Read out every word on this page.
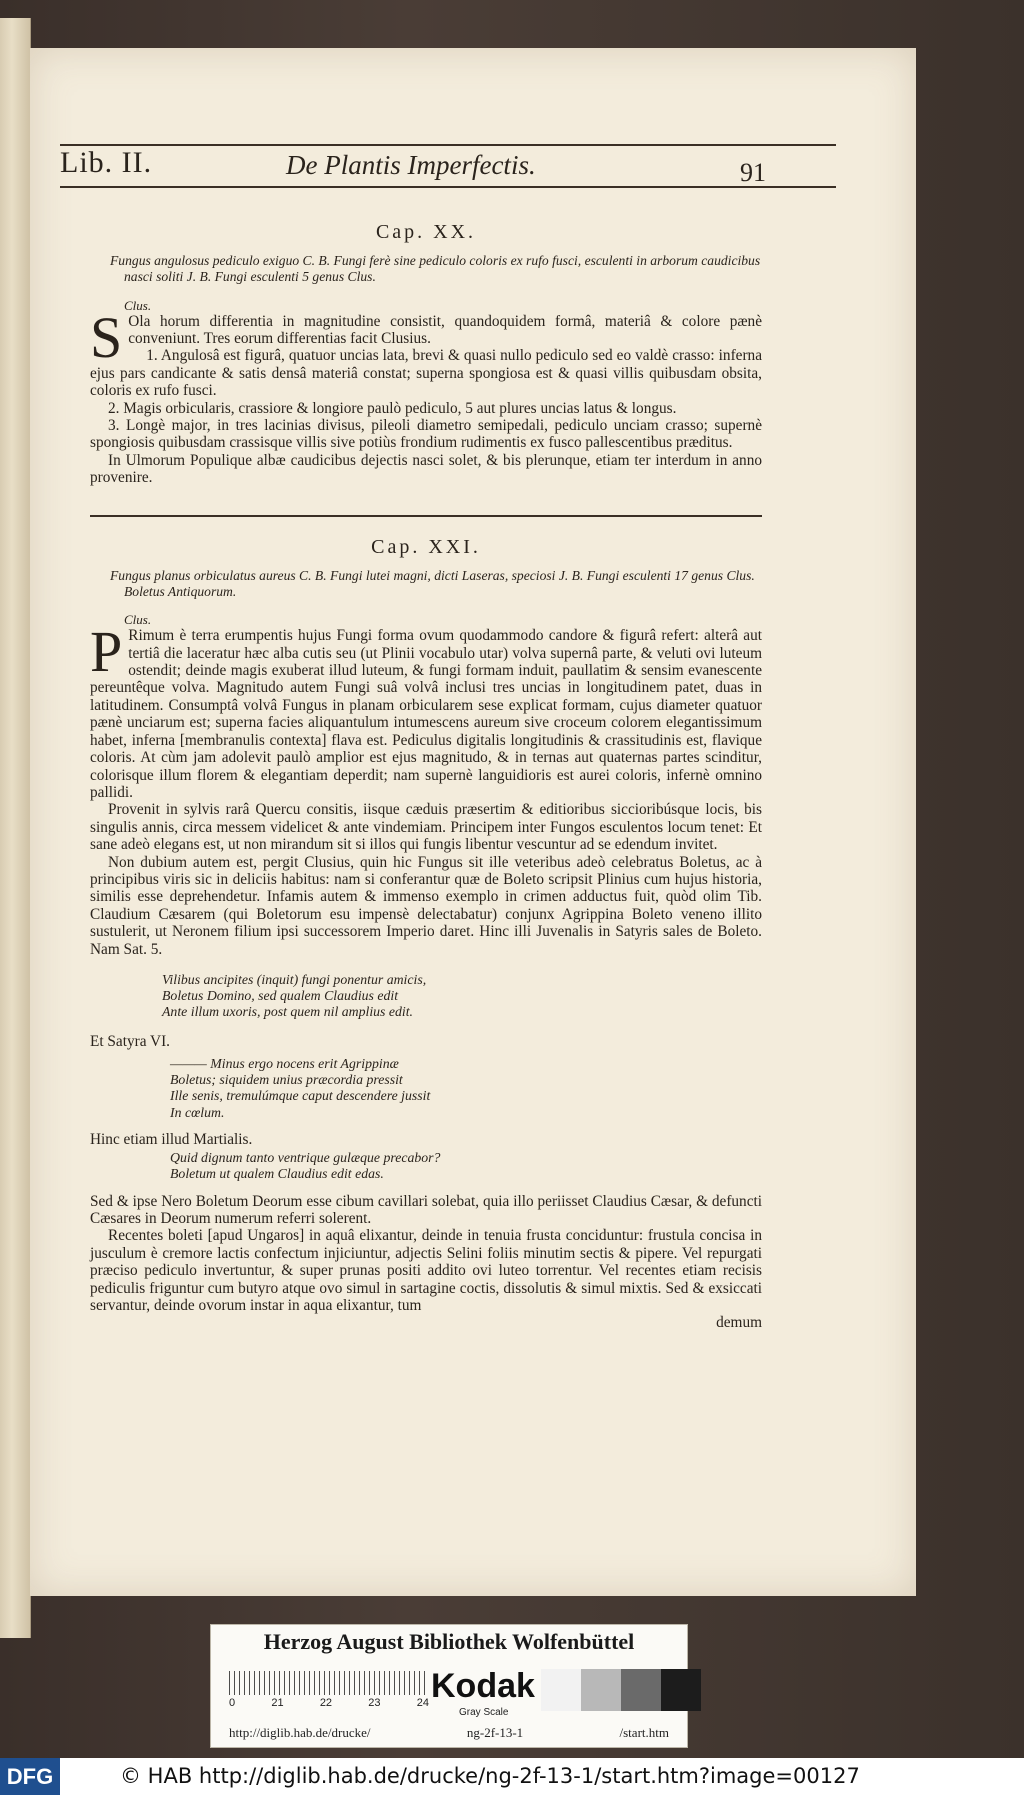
Lib. II.	De Plantis Imperfectis.	91
Cap. XX.

Fungus angulosus pediculo exiguo C. B. Fungi ferè sine pediculo coloris ex rufo fusci, esculenti in arborum caudicibus nasci soliti J. B. Fungi esculenti 5 genus Clus.

Clus.

S Ola horum differentia in magnitudine consistit, quandoquidem formâ, materiâ & colore pænè conveniunt. Tres eorum differentias facit Clusius.

1. Angulosâ est figurâ, quatuor uncias lata, brevi & quasi nullo pediculo sed eo valdè crasso: inferna ejus pars candicante & satis densâ materiâ constat; superna spongiosa est & quasi villis quibusdam obsita, coloris ex rufo fusci.

2. Magis orbicularis, crassiore & longiore paulò pediculo, 5 aut plures uncias latus & longus.

3. Longè major, in tres lacinias divisus, pileoli diametro semipedali, pediculo unciam crasso; supernè spongiosis quibusdam crassisque villis sive potiùs frondium rudimentis ex fusco pallescentibus præditus.

In Ulmorum Populique albæ caudicibus dejectis nasci solet, & bis plerunque, etiam ter interdum in anno provenire.

Cap. XXI.

Fungus planus orbiculatus aureus C. B. Fungi lutei magni, dicti Laseras, speciosi J. B. Fungi esculenti 17 genus Clus. Boletus Antiquorum.

Clus.

P Rimum è terra erumpentis hujus Fungi forma ovum quodammodo candore & figurâ refert: alterâ aut tertiâ die laceratur hæc alba cutis seu (ut Plinii vocabulo utar) volva supernâ parte, & veluti ovi luteum ostendit; deinde magis exuberat illud luteum, & fungi formam induit, paullatim & sensim evanescente pereuntêque volva. Magnitudo autem Fungi suâ volvâ inclusi tres uncias in longitudinem patet, duas in latitudinem. Consumptâ volvâ Fungus in planam orbicularem sese explicat formam, cujus diameter quatuor pænè unciarum est; superna facies aliquantulum intumescens aureum sive croceum colorem elegantissimum habet, inferna [membranulis contexta] flava est. Pediculus digitalis longitudinis & crassitudinis est, flavique coloris. At cùm jam adolevit paulò amplior est ejus magnitudo, & in ternas aut quaternas partes scinditur, colorisque illum florem & elegantiam deperdit; nam supernè languidioris est aurei coloris, infernè omnino pallidi.

Provenit in sylvis rarâ Quercu consitis, iisque cæduis præsertim & editioribus siccioribúsque locis, bis singulis annis, circa messem videlicet & ante vindemiam. Principem inter Fungos esculentos locum tenet: Et sane adeò elegans est, ut non mirandum sit si illos qui fungis libentur vescuntur ad se edendum invitet.

Non dubium autem est, pergit Clusius, quin hic Fungus sit ille veteribus adeò celebratus Boletus, ac à principibus viris sic in deliciis habitus: nam si conferantur quæ de Boleto scripsit Plinius cum hujus historia, similis esse deprehendetur. Infamis autem & immenso exemplo in crimen adductus fuit, quòd olim Tib. Claudium Cæsarem (qui Boletorum esu impensè delectabatur) conjunx Agrippina Boleto veneno illito sustulerit, ut Neronem filium ipsi successorem Imperio daret. Hinc illi Juvenalis in Satyris sales de Boleto. Nam Sat. 5.

Vilibus ancipites (inquit) fungi ponentur amicis,
Boletus Domino, sed qualem Claudius edit
Ante illum uxoris, post quem nil amplius edit.

Et Satyra VI.

——— Minus ergo nocens erit Agrippinæ
Boletus; siquidem unius præcordia pressit
Ille senis, tremulúmque caput descendere jussit
In cœlum.

Hinc etiam illud Martialis.

Quid dignum tanto ventrique gulæque precabor?
Boletum ut qualem Claudius edit edas.

Sed & ipse Nero Boletum Deorum esse cibum cavillari solebat, quia illo periisset Claudius Cæsar, & defuncti Cæsares in Deorum numerum referri solerent.

Recentes boleti [apud Ungaros] in aquâ elixantur, deinde in tenuia frusta conciduntur: frustula concisa in jusculum è cremore lactis confectum injiciuntur, adjectis Selini foliis minutim sectis & pipere. Vel repurgati præciso pediculo invertuntur, & super prunas positi addito ovi luteo torrentur. Vel recentes etiam recisis pediculis friguntur cum butyro atque ovo simul in sartagine coctis, dissolutis & simul mixtis. Sed & exsiccati servantur, deinde ovorum instar in aqua elixantur, tum

demum

Herzog August Bibliothek Wolfenbüttel
0	21	22	23	24 Kodak
Gray Scale
http://diglib.hab.de/drucke/	ng-2f-13-1	/start.htm
DFG	© HAB http://diglib.hab.de/drucke/ng-2f-13-1/start.htm?image=00127
